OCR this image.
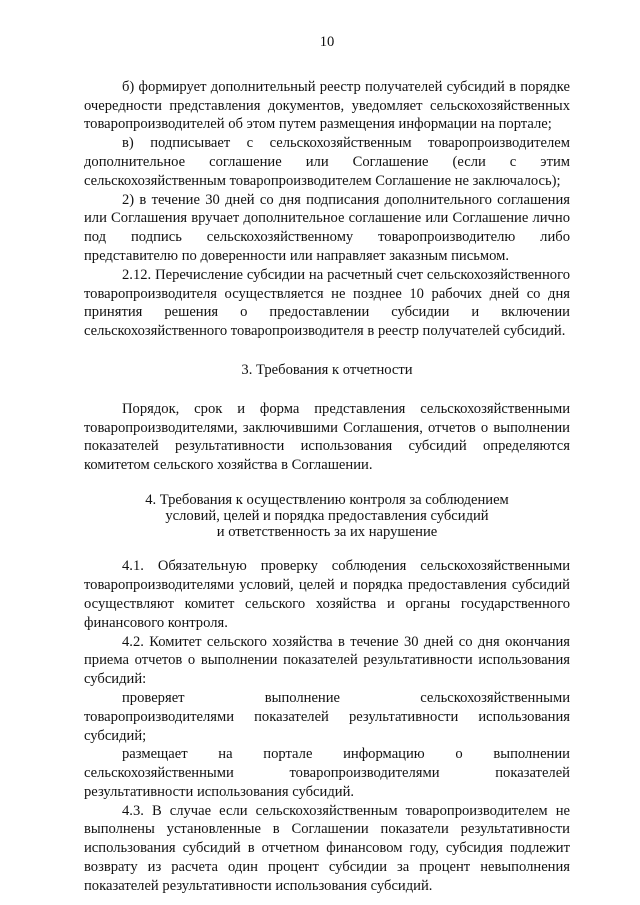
10

б) формирует дополнительный реестр получателей субсидий в порядке очередности представления документов, уведомляет сельскохозяйственных товаропроизводителей об этом путем размещения информации на портале;

в) подписывает с сельскохозяйственным товаропроизводителем дополнительное соглашение или Соглашение (если с этим сельскохозяйственным товаропроизводителем Соглашение не заключалось);

2) в течение 30 дней со дня подписания дополнительного соглашения или Соглашения вручает дополнительное соглашение или Соглашение лично под подпись сельскохозяйственному товаропроизводителю либо представителю по доверенности или направляет заказным письмом.

2.12. Перечисление субсидии на расчетный счет сельскохозяйственного товаропроизводителя осуществляется не позднее 10 рабочих дней со дня принятия решения о предоставлении субсидии и включении сельскохозяйственного товаропроизводителя в реестр получателей субсидий.

3. Требования к отчетности

Порядок, срок и форма представления сельскохозяйственными товаропроизводителями, заключившими Соглашения, отчетов о выполнении показателей результативности использования субсидий определяются комитетом сельского хозяйства в Соглашении.

4. Требования к осуществлению контроля за соблюдением
условий, целей и порядка предоставления субсидий
и ответственность за их нарушение

4.1. Обязательную проверку соблюдения сельскохозяйственными товаропроизводителями условий, целей и порядка предоставления субсидий осуществляют комитет сельского хозяйства и органы государственного финансового контроля.

4.2. Комитет сельского хозяйства в течение 30 дней со дня окончания приема отчетов о выполнении показателей результативности использования субсидий:

проверяет выполнение сельскохозяйственными товаропроизводителями показателей результативности использования субсидий;

размещает на портале информацию о выполнении сельскохозяйственными товаропроизводителями показателей результативности использования субсидий.

4.3. В случае если сельскохозяйственным товаропроизводителем не выполнены установленные в Соглашении показатели результативности использования субсидий в отчетном финансовом году, субсидия подлежит возврату из расчета один процент субсидии за процент невыполнения показателей результативности использования субсидий.
